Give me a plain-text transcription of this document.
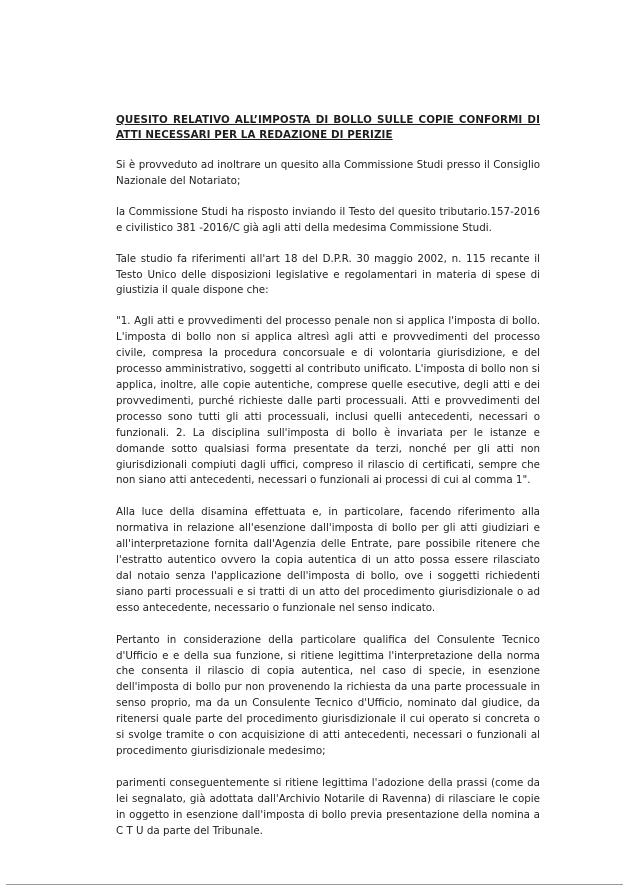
QUESITO RELATIVO ALL’IMPOSTA DI BOLLO SULLE COPIE CONFORMI DI ATTI NECESSARI PER LA REDAZIONE DI PERIZIE

Si è provveduto ad inoltrare un quesito alla Commissione Studi presso il Consiglio Nazionale del Notariato;

la Commissione Studi ha risposto inviando il Testo del quesito tributario.157-2016 e civilistico 381 -2016/C già agli atti della medesima Commissione Studi.

Tale studio fa riferimenti all'art 18 del D.P.R. 30 maggio 2002, n. 115 recante il Testo Unico delle disposizioni legislative e regolamentari in materia di spese di giustizia il quale dispone che:

"1. Agli atti e provvedimenti del processo penale non si applica l'imposta di bollo. L'imposta di bollo non si applica altresì agli atti e provvedimenti del processo civile, compresa la procedura concorsuale e di volontaria giurisdizione, e del processo amministrativo, soggetti al contributo unificato. L'imposta di bollo non si applica, inoltre, alle copie autentiche, comprese quelle esecutive, degli atti e dei provvedimenti, purché richieste dalle parti processuali. Atti e provvedimenti del processo sono tutti gli atti processuali, inclusi quelli antecedenti, necessari o funzionali. 2. La disciplina sull'imposta di bollo è invariata per le istanze e domande sotto qualsiasi forma presentate da terzi, nonché per gli atti non giurisdizionali compiuti dagli uffici, compreso il rilascio di certificati, sempre che non siano atti antecedenti, necessari o funzionali ai processi di cui al comma 1".

Alla luce della disamina effettuata e, in particolare, facendo riferimento alla normativa in relazione all'esenzione dall'imposta di bollo per gli atti giudiziari e all'interpretazione fornita dall'Agenzia delle Entrate, pare possibile ritenere che l'estratto autentico ovvero la copia autentica di un atto possa essere rilasciato dal notaio senza l'applicazione dell'imposta di bollo, ove i soggetti richiedenti siano parti processuali e si tratti di un atto del procedimento giurisdizionale o ad esso antecedente, necessario o funzionale nel senso indicato.

Pertanto in considerazione della particolare qualifica del Consulente Tecnico d'Ufficio e e della sua funzione, si ritiene legittima l'interpretazione della norma che consenta il rilascio di copia autentica, nel caso di specie, in esenzione dell'imposta di bollo pur non provenendo la richiesta da una parte processuale in senso proprio, ma da un Consulente Tecnico d'Ufficio, nominato dal giudice, da ritenersi quale parte del procedimento giurisdizionale il cui operato si concreta o si svolge tramite o con acquisizione di atti antecedenti, necessari o funzionali al procedimento giurisdizionale medesimo;

parimenti conseguentemente si ritiene legittima l'adozione della prassi (come da lei segnalato, già adottata dall'Archivio Notarile di Ravenna) di rilasciare le copie in oggetto in esenzione dall'imposta di bollo previa presentazione della nomina a C T U da parte del Tribunale.
